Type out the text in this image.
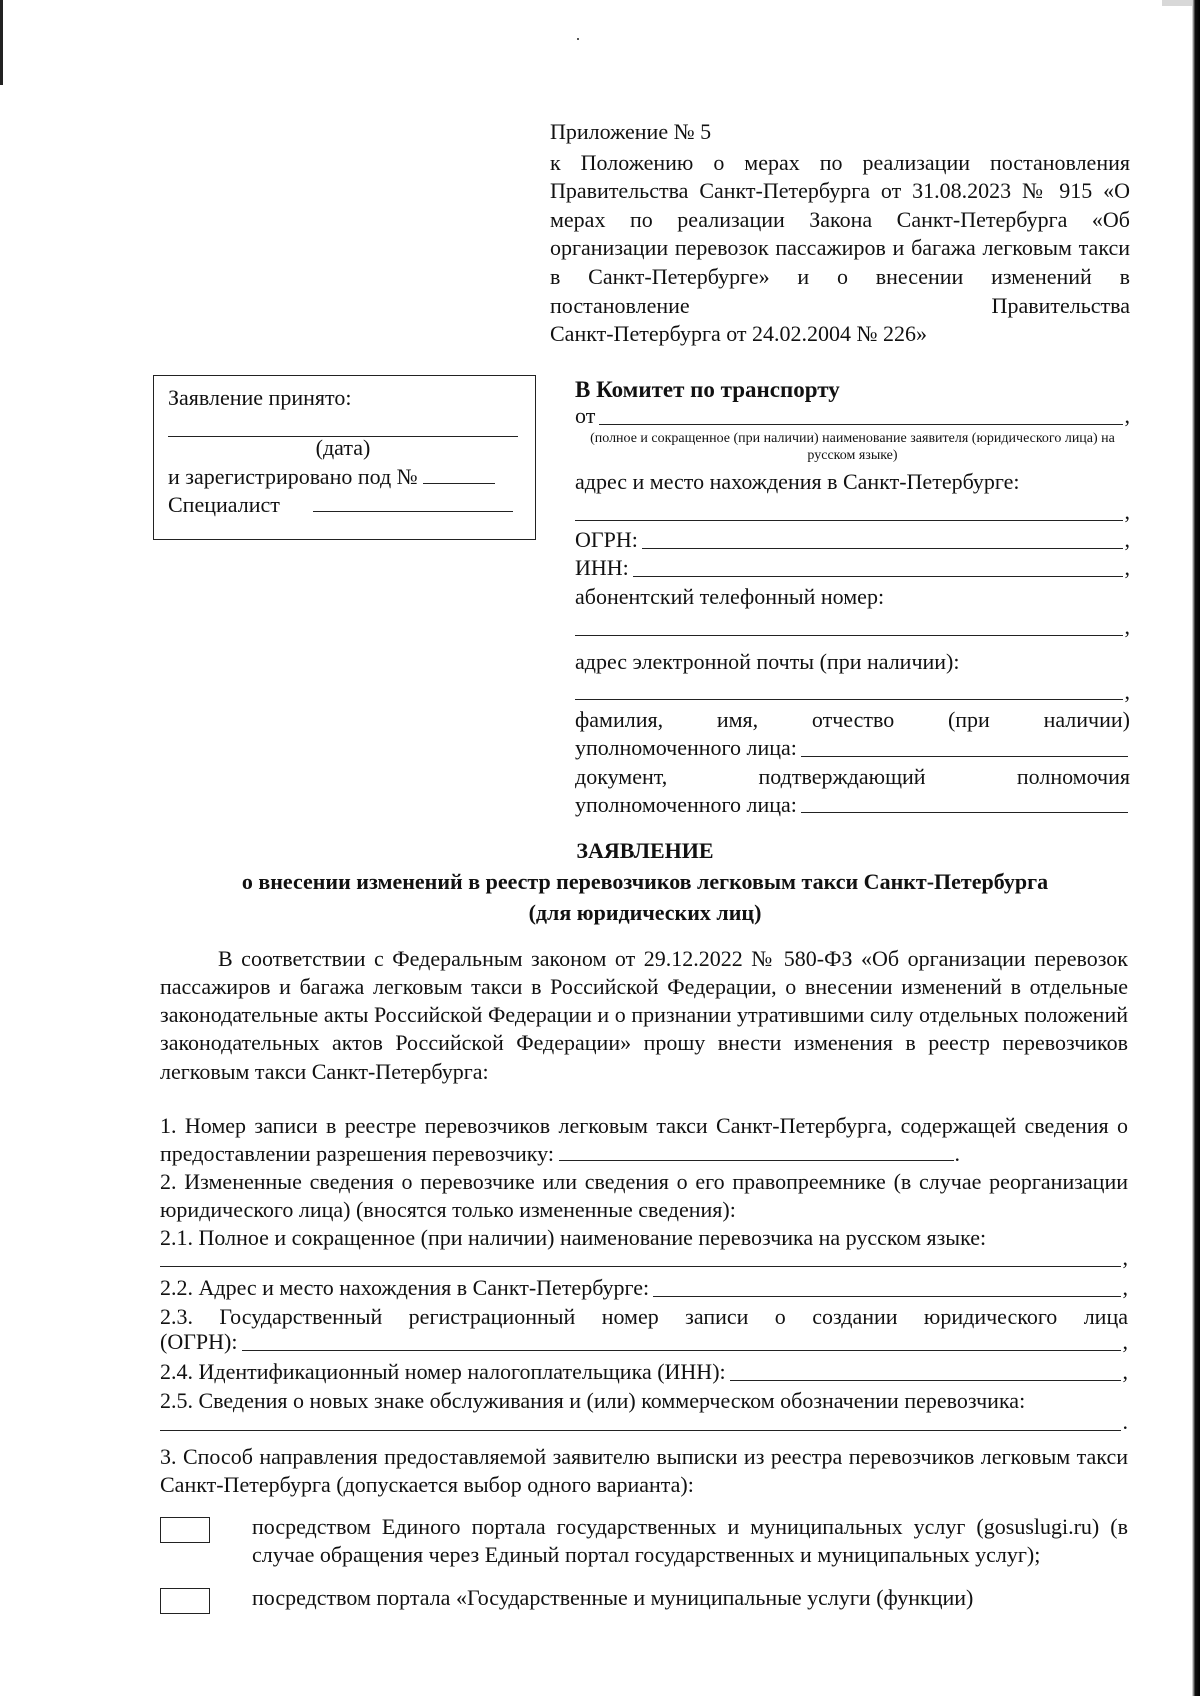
Приложение № 5
к Положению о мерах по реализации постановления Правительства Санкт-Петербурга от 31.08.2023 № 915 «О мерах по реализации Закона Санкт-Петербурга «Об организации перевозок пассажиров и багажа легковым такси в Санкт-Петербурге» и о внесении изменений в постановление Правительства
Санкт-Петербурга от 24.02.2004 № 226»
Заявление принято:
(дата)
и зарегистрировано под №
Специалист
В Комитет по транспорту
от	,
(полное и сокращенное (при наличии) наименование заявителя (юридического лица) на русском языке)
адрес и место нахождения в Санкт-Петербурге:
,
ОГРН:	,
ИНН:	,
абонентский телефонный номер:
,
адрес электронной почты (при наличии):
,
фамилия, имя, отчество (при наличии)
уполномоченного лица:
документ, подтверждающий полномочия
уполномоченного лица:
ЗАЯВЛЕНИЕ
о внесении изменений в реестр перевозчиков легковым такси Санкт-Петербурга
(для юридических лиц)

В соответствии с Федеральным законом от 29.12.2022 № 580-ФЗ «Об организации перевозок пассажиров и багажа легковым такси в Российской Федерации, о внесении изменений в отдельные законодательные акты Российской Федерации и о признании утратившими силу отдельных положений законодательных актов Российской Федерации» прошу внести изменения в реестр перевозчиков легковым такси Санкт-Петербурга:

1. Номер записи в реестре перевозчиков легковым такси Санкт-Петербурга, содержащей сведения о предоставлении разрешения перевозчику:	.

2. Измененные сведения о перевозчике или сведения о его правопреемнике (в случае реорганизации юридического лица) (вносятся только измененные сведения):

2.1. Полное и сокращенное (при наличии) наименование перевозчика на русском языке:

,
2.2. Адрес и место нахождения в Санкт-Петербурге:	,

2.3. Государственный регистрационный номер записи о создании юридического лица

(ОГРН):	,
2.4. Идентификационный номер налогоплательщика (ИНН):	,

2.5. Сведения о новых знаке обслуживания и (или) коммерческом обозначении перевозчика:

.

3. Способ направления предоставляемой заявителю выписки из реестра перевозчиков легковым такси Санкт-Петербурга (допускается выбор одного варианта):

посредством Единого портала государственных и муниципальных услуг (gosuslugi.ru) (в случае обращения через Единый портал государственных и муниципальных услуг);
посредством портала «Государственные и муниципальные услуги (функции)
